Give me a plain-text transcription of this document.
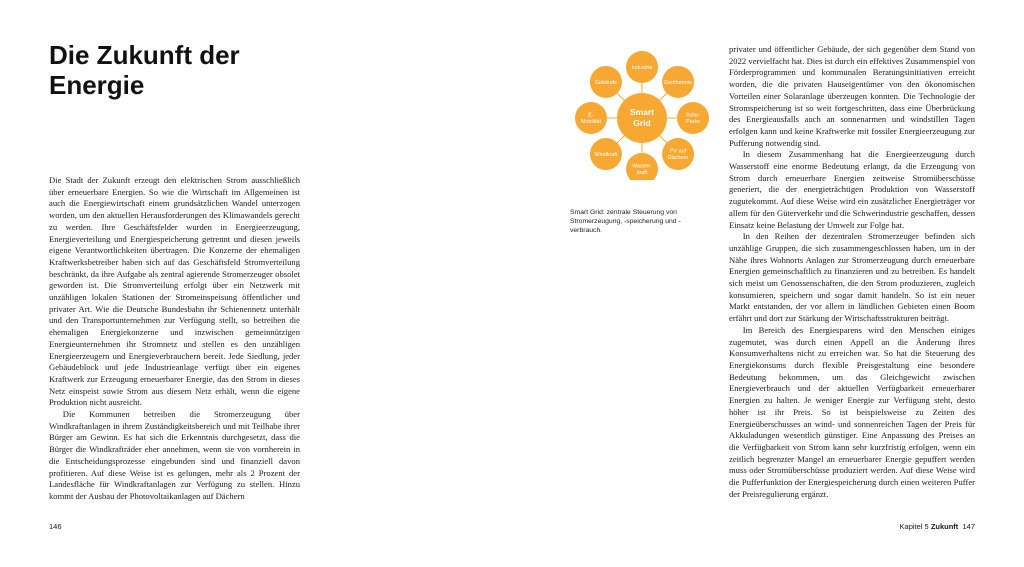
Die Zukunft der Energie

Die Stadt der Zukunft erzeugt den elektrischen Strom ausschließlich über erneuerbare Energien. So wie die Wirtschaft im Allgemeinen ist auch die Energiewirtschaft einem grundsätzlichen Wandel unterzogen worden, um den aktuellen Herausforderungen des Klimawandels gerecht zu werden. Ihre Geschäftsfelder wurden in Energieerzeugung, Energieverteilung und Energiespeicherung getrennt und diesen jeweils eigene Verantwortlichkeiten übertragen. Die Konzerne der ehemaligen Kraftwerksbetreiber haben sich auf das Geschäftsfeld Stromverteilung beschränkt, da ihre Aufgabe als zentral agierende Stromerzeuger obsolet geworden ist. Die Stromverteilung erfolgt über ein Netzwerk mit unzähligen lokalen Stationen der Stromeinspeisung öffentlicher und privater Art. Wie die Deutsche Bundesbahn ihr Schienennetz unterhält und den Transportunternehmen zur Verfügung stellt, so betreiben die ehemaligen Energiekonzerne und inzwischen gemeinnützigen Energieunternehmen ihr Stromnetz und stellen es den unzähligen Energieerzeugern und Energieverbrauchern bereit. Jede Siedlung, jeder Gebäudeblock und jede Industrieanlage verfügt über ein eigenes Kraftwerk zur Erzeugung erneuerbarer Energie, das den Strom in dieses Netz einspeist sowie Strom aus diesem Netz erhält, wenn die eigene Produktion nicht ausreicht.

Die Kommunen betreiben die Stromerzeugung über Windkraftanlagen in ihrem Zuständigkeitsbereich und mit Teilhabe ihrer Bürger am Gewinn. Es hat sich die Erkenntnis durchgesetzt, dass die Bürger die Windkrafträder eher annehmen, wenn sie von vornherein in die Entscheidungsprozesse eingebunden sind und finanziell davon profitieren. Auf diese Weise ist es gelungen, mehr als 2 Prozent der Landesfläche für Windkraftanlagen zur Verfügung zu stellen. Hinzu kommt der Ausbau der Photovoltaikanlagen auf Dächern

146
Industrie
Geothermie
Solar-
Parks
PV auf
Dächern
Wasser-
kraft
Windkraft
E-
Mobilität
Gebäude
Smart
Grid
Smart Grid: zentrale Steuerung von Stromerzeugung, -speicherung und -verbrauch.

privater und öffentlicher Gebäude, der sich gegenüber dem Stand von 2022 vervielfacht hat. Dies ist durch ein effektives Zusammenspiel von Förderprogrammen und kommunalen Beratungsinitiativen erreicht worden, die die privaten Hauseigentümer von den ökonomischen Vorteilen einer Solaranlage überzeugen konnten. Die Technologie der Stromspeicherung ist so weit fortgeschritten, dass eine Überbrückung des Energieausfalls auch an sonnenarmen und windstillen Tagen erfolgen kann und keine Kraftwerke mit fossiler Energieerzeugung zur Pufferung notwendig sind.

In diesem Zusammenhang hat die Energieerzeugung durch Wasserstoff eine enorme Bedeutung erlangt, da die Erzeugung von Strom durch erneuerbare Energien zeitweise Stromüberschüsse generiert, die der energieträchtigen Produktion von Wasserstoff zugutekommt. Auf diese Weise wird ein zusätzlicher Energieträger vor allem für den Güterverkehr und die Schwerindustrie geschaffen, dessen Einsatz keine Belastung der Umwelt zur Folge hat.

In den Reihen der dezentralen Stromerzeuger befinden sich unzählige Gruppen, die sich zusammengeschlossen haben, um in der Nähe ihres Wohnorts Anlagen zur Stromerzeugung durch erneuerbare Energien gemeinschaftlich zu finanzieren und zu betreiben. Es handelt sich meist um Genossenschaften, die den Strom produzieren, zugleich konsumieren, speichern und sogar damit handeln. So ist ein neuer Markt entstanden, der vor allem in ländlichen Gebieten einen Boom erfährt und dort zur Stärkung der Wirtschaftsstrukturen beiträgt.

Im Bereich des Energiesparens wird den Menschen einiges zugemutet, was durch einen Appell an die Änderung ihres Konsumverhaltens nicht zu erreichen war. So hat die Steuerung des Energiekonsums durch flexible Preisgestaltung eine besondere Bedeutung bekommen, um das Gleichgewicht zwischen Energieverbrauch und der aktuellen Verfügbarkeit erneuerbarer Energien zu halten. Je weniger Energie zur Verfügung steht, desto höher ist ihr Preis. So ist beispielsweise zu Zeiten des Energieüberschusses an wind- und sonnenreichen Tagen der Preis für Akkuladungen wesentlich günstiger. Eine Anpassung des Preises an die Verfügbarkeit von Strom kann sehr kurzfristig erfolgen, wenn ein zeitlich begrenzter Mangel an erneuerbarer Energie gepuffert werden muss oder Stromüberschüsse produziert werden. Auf diese Weise wird die Pufferfunktion der Energiespeicherung durch einen weiteren Puffer der Preisregulierung ergänzt.

Kapitel 5 Zukunft 147
